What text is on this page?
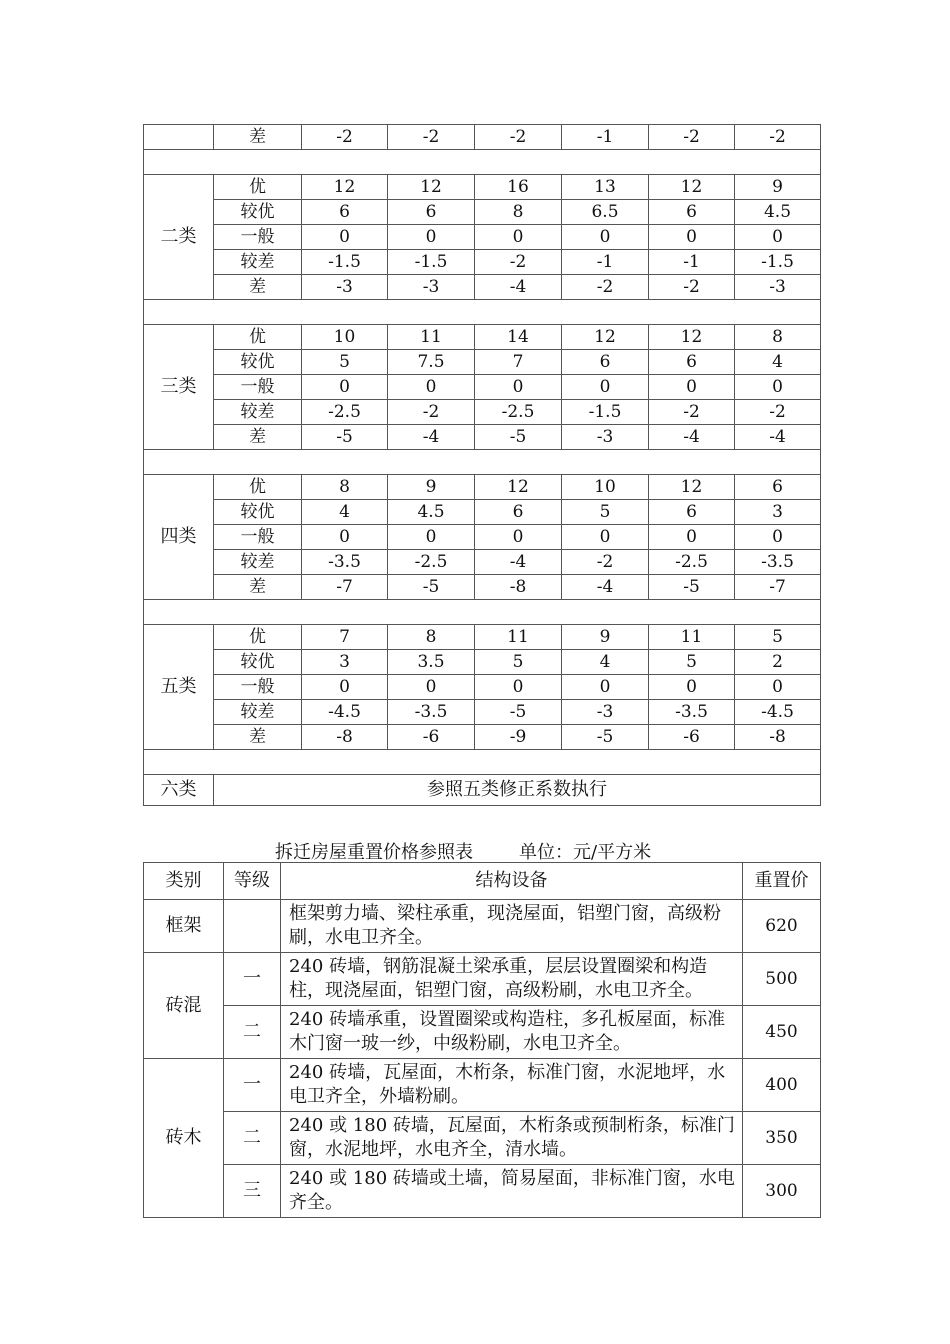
	差	-2	-2	-2	-1	-2	-2

二类	优	12	12	16	13	12	9
	较优	6	6	8	6.5	6	4.5
	一般	0	0	0	0	0	0
	较差	-1.5	-1.5	-2	-1	-1	-1.5
	差	-3	-3	-4	-2	-2	-3

三类	优	10	11	14	12	12	8
	较优	5	7.5	7	6	6	4
	一般	0	0	0	0	0	0
	较差	-2.5	-2	-2.5	-1.5	-2	-2
	差	-5	-4	-5	-3	-4	-4

四类	优	8	9	12	10	12	6
	较优	4	4.5	6	5	6	3
	一般	0	0	0	0	0	0
	较差	-3.5	-2.5	-4	-2	-2.5	-3.5
	差	-7	-5	-8	-4	-5	-7

五类	优	7	8	11	9	11	5
	较优	3	3.5	5	4	5	2
	一般	0	0	0	0	0	0
	较差	-4.5	-3.5	-5	-3	-3.5	-4.5
	差	-8	-6	-9	-5	-6	-8

六类	参照五类修正系数执行						
拆迁房屋重置价格参照表	单位：元/平方米
类别	等级	结构设备	重置价
框架		框架剪力墙、梁柱承重，现浇屋面，铝塑门窗，高级粉刷，水电卫齐全。	620
砖混	一	240 砖墙，钢筋混凝土梁承重，层层设置圈梁和构造柱，现浇屋面，铝塑门窗，高级粉刷，水电卫齐全。	500
	二	240 砖墙承重，设置圈梁或构造柱，多孔板屋面，标准木门窗一玻一纱，中级粉刷，水电卫齐全。	450
砖木	一	240 砖墙，瓦屋面，木桁条，标准门窗，水泥地坪，水电卫齐全，外墙粉刷。	400
	二	240 或 180 砖墙，瓦屋面，木桁条或预制桁条，标准门窗，水泥地坪，水电齐全，清水墙。	350
	三	240 或 180 砖墙或土墙，简易屋面，非标准门窗，水电齐全。	300
